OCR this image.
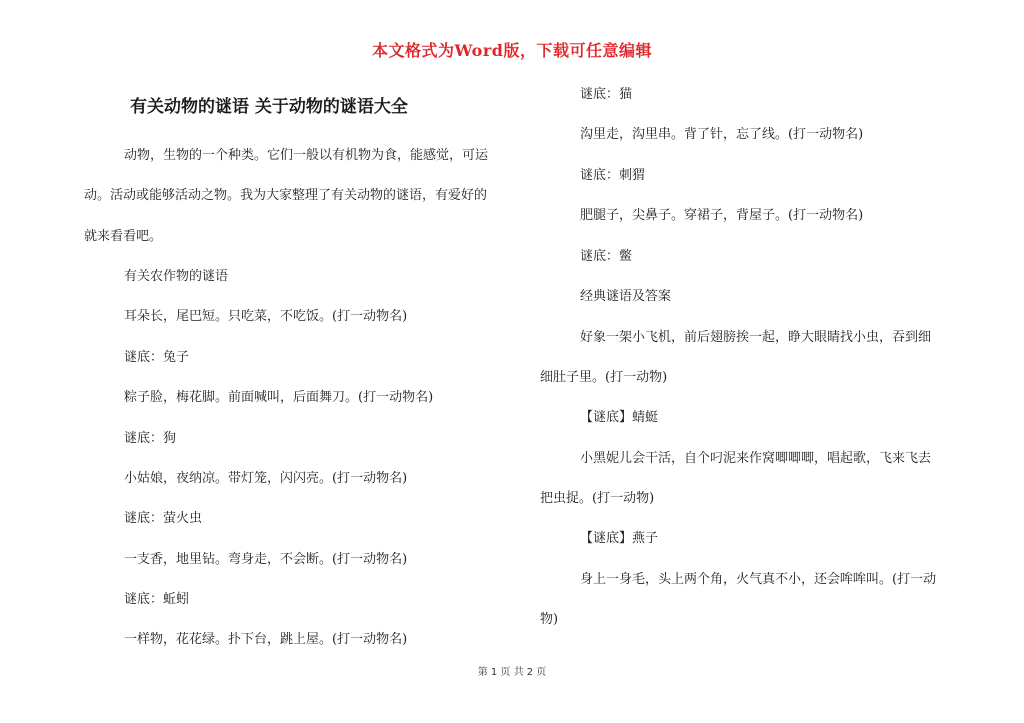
本文格式为Word版，下载可任意编辑
有关动物的谜语 关于动物的谜语大全
动物，生物的一个种类。它们一般以有机物为食，能感觉，可运
动。活动或能够活动之物。我为大家整理了有关动物的谜语，有爱好的
就来看看吧。
有关农作物的谜语
耳朵长，尾巴短。只吃菜，不吃饭。(打一动物名)
谜底：兔子
粽子脸，梅花脚。前面喊叫，后面舞刀。(打一动物名)
谜底：狗
小姑娘，夜纳凉。带灯笼，闪闪亮。(打一动物名)
谜底：萤火虫
一支香，地里钻。弯身走，不会断。(打一动物名)
谜底：蚯蚓
一样物，花花绿。扑下台，跳上屋。(打一动物名)
谜底：猫
沟里走，沟里串。背了针，忘了线。(打一动物名)
谜底：刺猬
肥腿子，尖鼻子。穿裙子，背屋子。(打一动物名)
谜底：鳖
经典谜语及答案
好象一架小飞机，前后翅膀挨一起，睁大眼睛找小虫，吞到细
细肚子里。(打一动物)
【谜底】蜻蜓
小黑妮儿会干活，自个叼泥来作窝唧唧唧，唱起歌，飞来飞去
把虫捉。(打一动物)
【谜底】燕子
身上一身毛，头上两个角，火气真不小，还会哞哞叫。(打一动
物)
第 1 页 共 2 页
